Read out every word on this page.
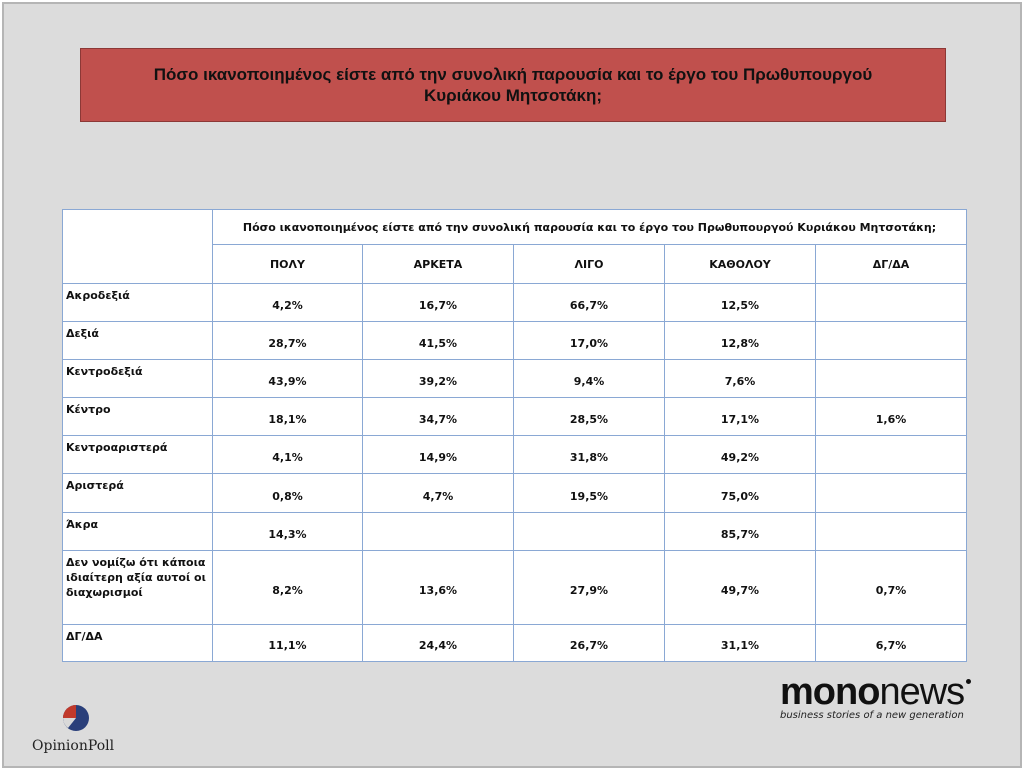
Πόσο ικανοποιημένος είστε από την συνολική παρουσία και το έργο του Πρωθυπουργού Κυριάκου Μητσοτάκη;
	Πόσο ικανοποιημένος είστε από την συνολική παρουσία και το έργο του Πρωθυπουργού Κυριάκου Μητσοτάκη;				
	ΠΟΛΥ	ΑΡΚΕΤΑ	ΛΙΓΟ	ΚΑΘΟΛΟΥ	ΔΓ/ΔΑ
Ακροδεξιά	4,2%	16,7%	66,7%	12,5%	
Δεξιά	28,7%	41,5%	17,0%	12,8%	
Κεντροδεξιά	43,9%	39,2%	9,4%	7,6%	
Κέντρο	18,1%	34,7%	28,5%	17,1%	1,6%
Κεντροαριστερά	4,1%	14,9%	31,8%	49,2%	
Αριστερά	0,8%	4,7%	19,5%	75,0%	
Άκρα	14,3%			85,7%	
Δεν νομίζω ότι κάποια ιδιαίτερη αξία αυτοί οι διαχωρισμοί	8,2%	13,6%	27,9%	49,7%	0,7%
ΔΓ/ΔΑ	11,1%	24,4%	26,7%	31,1%	6,7%
OpinionPoll
mononews
business stories of a new generation
